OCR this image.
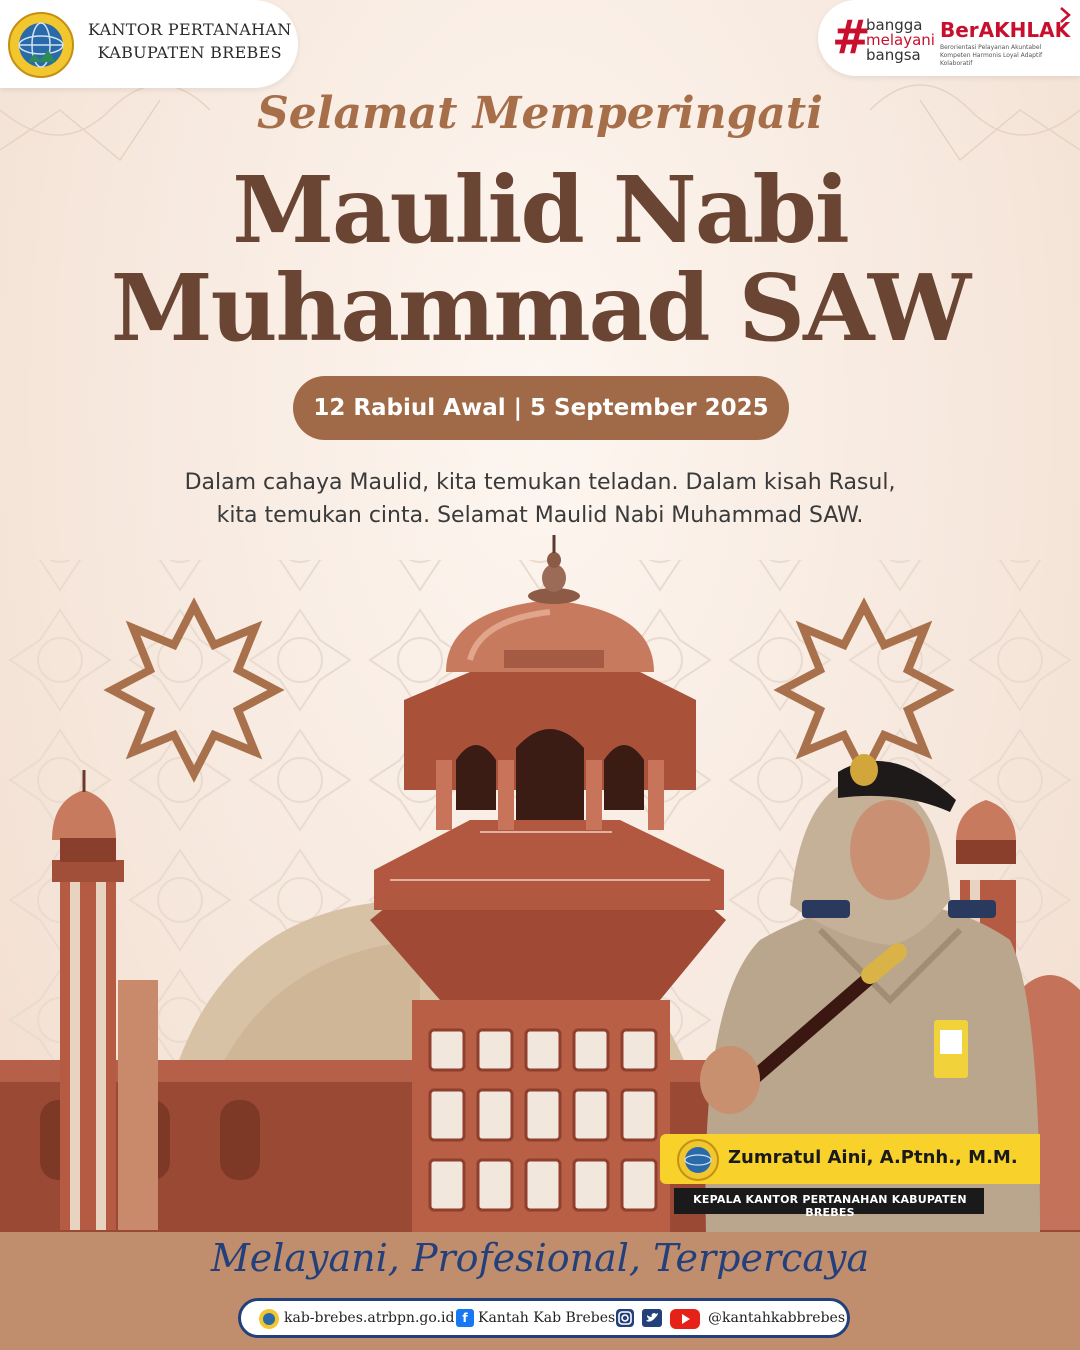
KANTOR PERTANAHAN
KABUPATEN BREBES	#
bangga
melayani
bangsa
BerAKHLAK
Berorientasi Pelayanan Akuntabel Kompeten Harmonis Loyal Adaptif Kolaboratif
Selamat Memperingati
Maulid Nabi
Muhammad SAW
12 Rabiul Awal | 5 September 2025
Dalam cahaya Maulid, kita temukan teladan. Dalam kisah Rasul,
kita temukan cinta. Selamat Maulid Nabi Muhammad SAW.
Zumratul Aini, A.Ptnh., M.M.
KEPALA KANTOR PERTANAHAN KABUPATEN BREBES
Melayani, Profesional, Terpercaya
kab-brebes.atrbpn.go.id f Kantah Kab Brebes	@kantahkabbrebes
